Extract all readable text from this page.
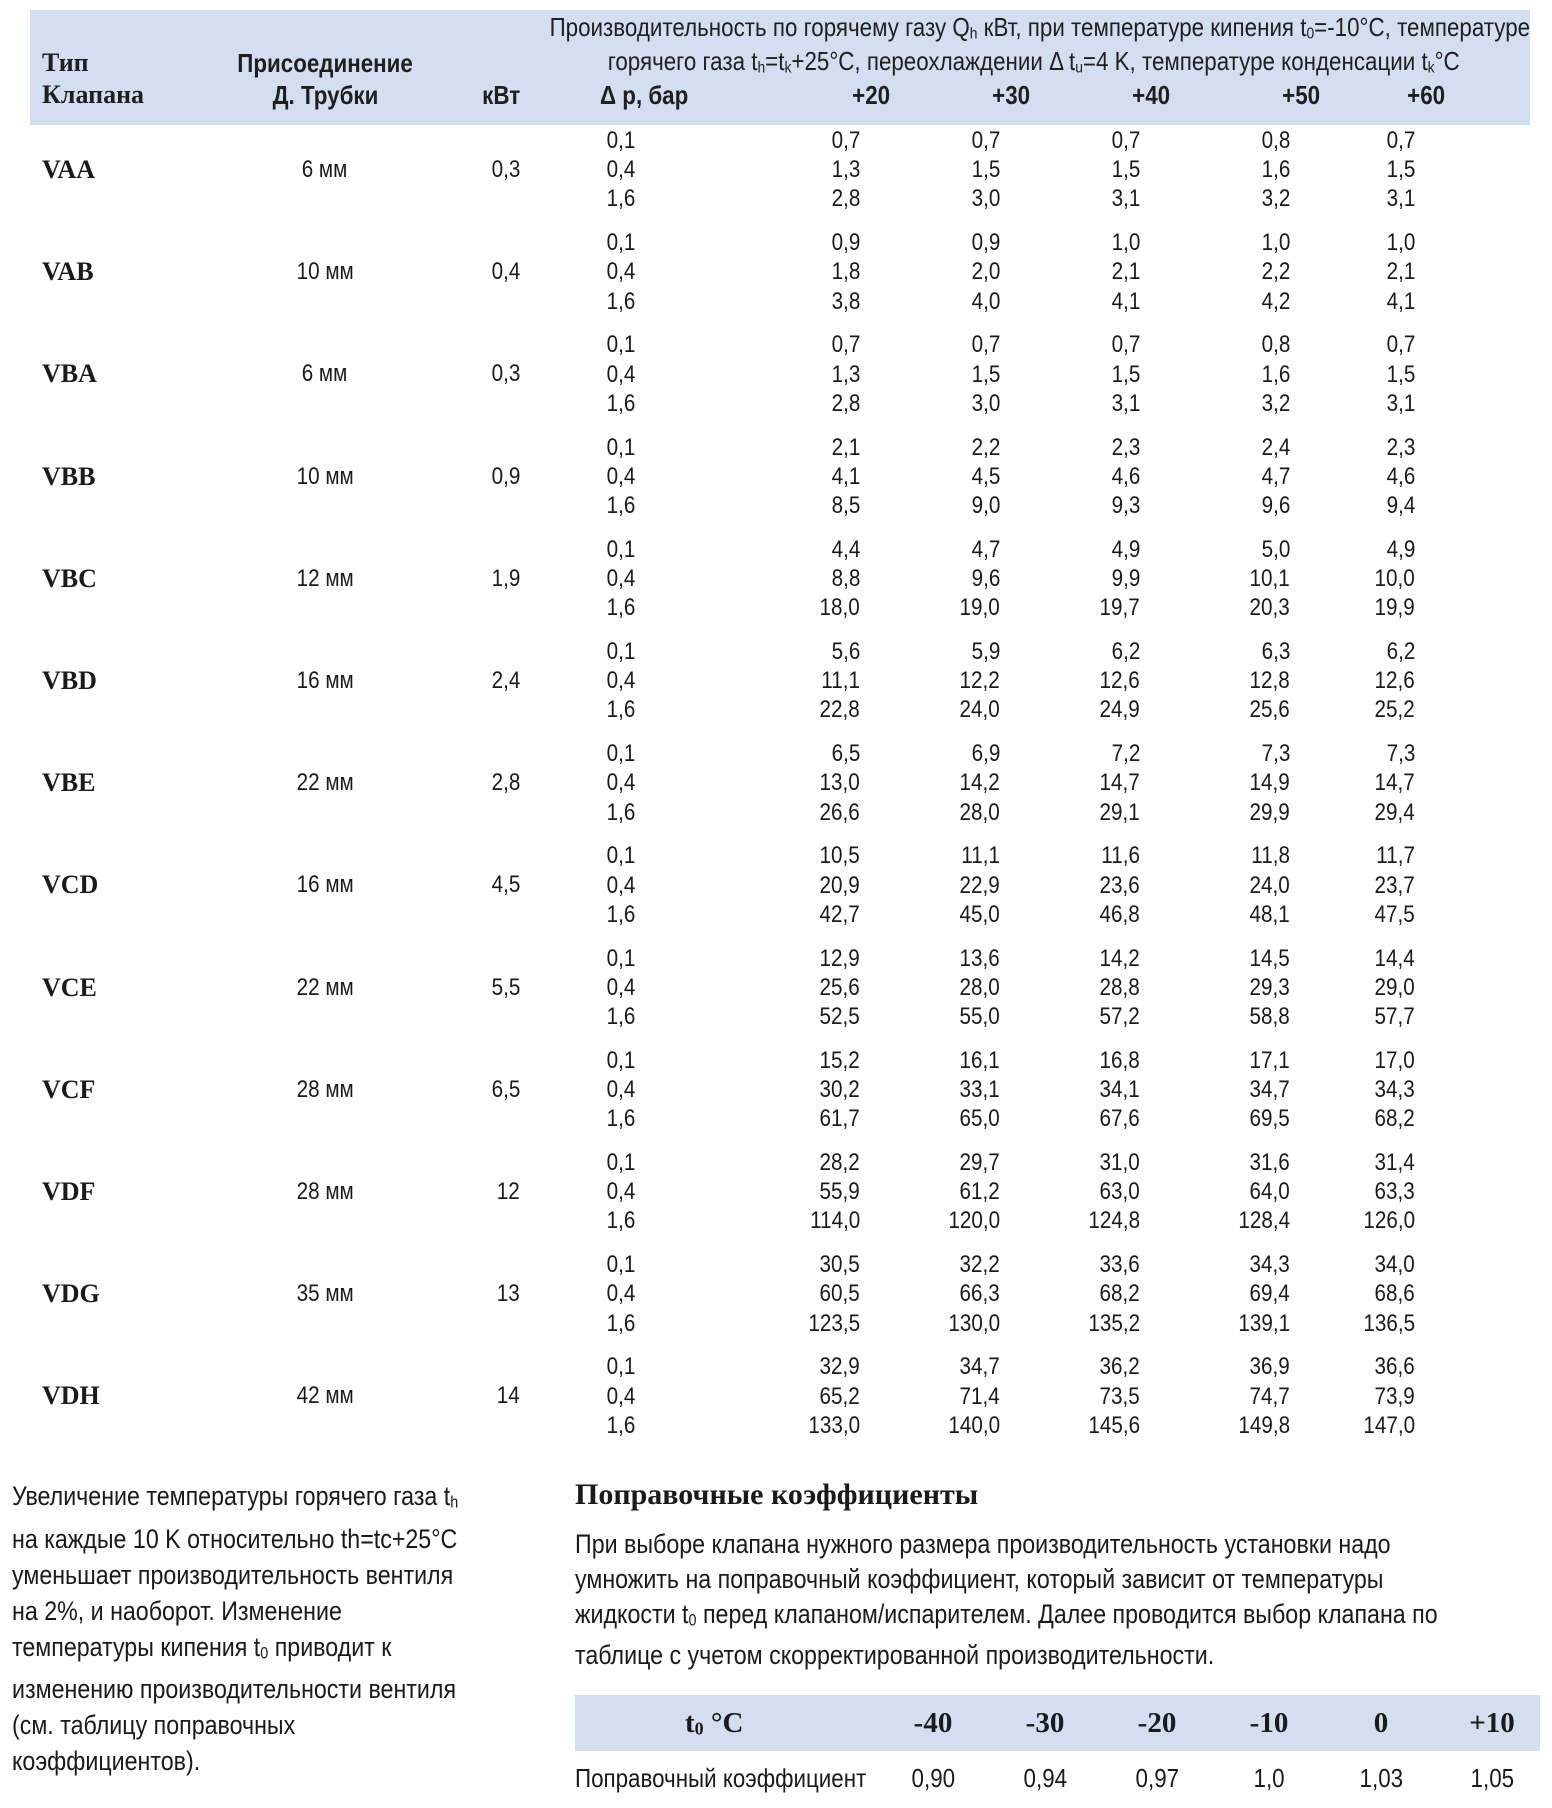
Тип
Клапана
Присоединение
Д. Трубки
Производительность по горячему газу $Q_h$ кВт, при температуре кипения $t_0=-10^\circ C$, температуре
горячего газа $t_h=t_k+25^\circ C$, переохлаждении Δ $t_u=4$ K, температуре конденсации $t_k^\circ C$
кВт	Δ p, бар	+20	+30	+40	+50	+60
VAA	6 мм	0,3
0,1	0,7	0,7	0,7	0,8	0,7
0,4	1,3	1,5	1,5	1,6	1,5
1,6	2,8	3,0	3,1	3,2	3,1
VAB	10 мм	0,4
0,1	0,9	0,9	1,0	1,0	1,0
0,4	1,8	2,0	2,1	2,2	2,1
1,6	3,8	4,0	4,1	4,2	4,1
VBA	6 мм	0,3
0,1	0,7	0,7	0,7	0,8	0,7
0,4	1,3	1,5	1,5	1,6	1,5
1,6	2,8	3,0	3,1	3,2	3,1
VBB	10 мм	0,9
0,1	2,1	2,2	2,3	2,4	2,3
0,4	4,1	4,5	4,6	4,7	4,6
1,6	8,5	9,0	9,3	9,6	9,4
VBC	12 мм	1,9
0,1	4,4	4,7	4,9	5,0	4,9
0,4	8,8	9,6	9,9	10,1	10,0
1,6	18,0	19,0	19,7	20,3	19,9
VBD	16 мм	2,4
0,1	5,6	5,9	6,2	6,3	6,2
0,4	11,1	12,2	12,6	12,8	12,6
1,6	22,8	24,0	24,9	25,6	25,2
VBE	22 мм	2,8
0,1	6,5	6,9	7,2	7,3	7,3
0,4	13,0	14,2	14,7	14,9	14,7
1,6	26,6	28,0	29,1	29,9	29,4
VCD	16 мм	4,5
0,1	10,5	11,1	11,6	11,8	11,7
0,4	20,9	22,9	23,6	24,0	23,7
1,6	42,7	45,0	46,8	48,1	47,5
VCE	22 мм	5,5
0,1	12,9	13,6	14,2	14,5	14,4
0,4	25,6	28,0	28,8	29,3	29,0
1,6	52,5	55,0	57,2	58,8	57,7
VCF	28 мм	6,5
0,1	15,2	16,1	16,8	17,1	17,0
0,4	30,2	33,1	34,1	34,7	34,3
1,6	61,7	65,0	67,6	69,5	68,2
VDF	28 мм	12
0,1	28,2	29,7	31,0	31,6	31,4
0,4	55,9	61,2	63,0	64,0	63,3
1,6	114,0	120,0	124,8	128,4	126,0
VDG	35 мм	13
0,1	30,5	32,2	33,6	34,3	34,0
0,4	60,5	66,3	68,2	69,4	68,6
1,6	123,5	130,0	135,2	139,1	136,5
VDH	42 мм	14
0,1	32,9	34,7	36,2	36,9	36,6
0,4	65,2	71,4	73,5	74,7	73,9
1,6	133,0	140,0	145,6	149,8	147,0
Увеличение температуры горячего газа $t_h$
на каждые 10 K относительно th=tc+25°C
уменьшает производительность вентиля
на 2%, и наоборот. Изменение
температуры кипения $t_0$ приводит к
изменению производительности вентиля
(см. таблицу поправочных
коэффициентов).
Поправочные коэффициенты
При выборе клапана нужного размера производительность установки надо
умножить на поправочный коэффициент, который зависит от температуры
жидкости $t_0$ перед клапаном/испарителем. Далее проводится выбор клапана по
таблице с учетом скорректированной производительности.
$t_0$ °C	-40	-30	-20	-10	0	+10
Поправочный коэффициент	0,90	0,94	0,97	1,0	1,03	1,05
